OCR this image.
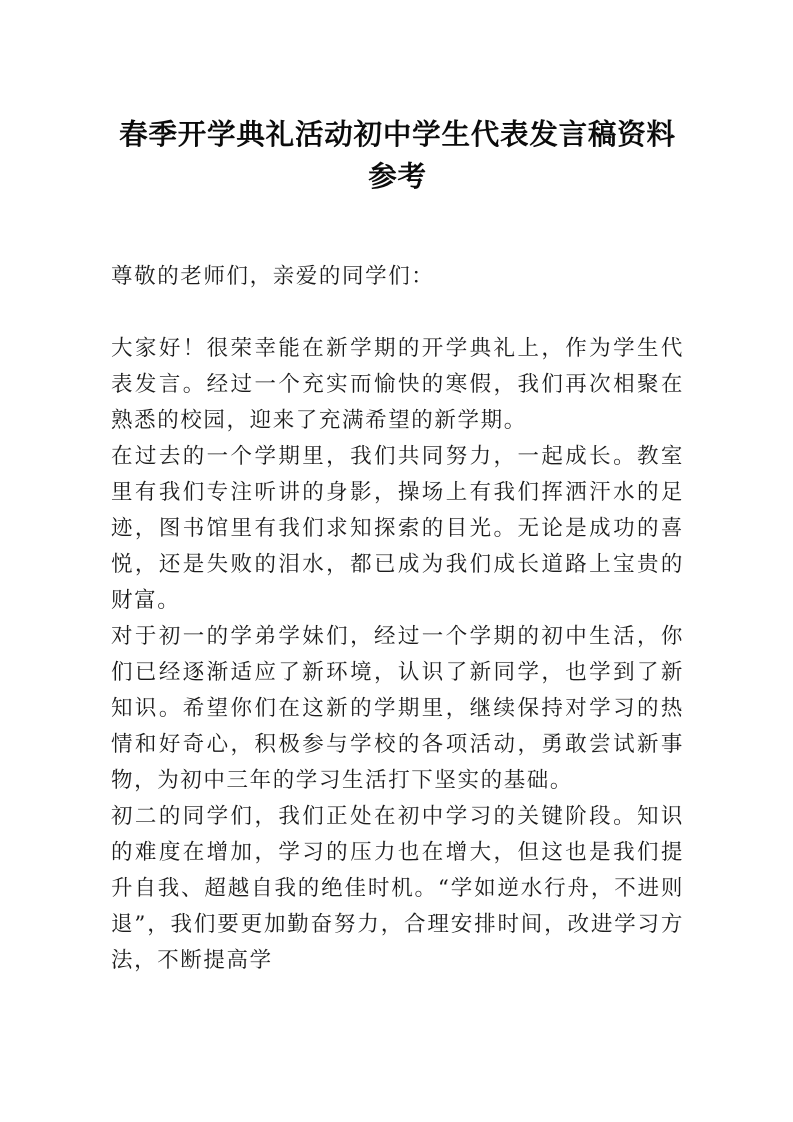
春季开学典礼活动初中学生代表发言稿资料参考

尊敬的老师们，亲爱的同学们：

大家好！很荣幸能在新学期的开学典礼上，作为学生代表发言。经过一个充实而愉快的寒假，我们再次相聚在熟悉的校园，迎来了充满希望的新学期。

在过去的一个学期里，我们共同努力，一起成长。教室里有我们专注听讲的身影，操场上有我们挥洒汗水的足迹，图书馆里有我们求知探索的目光。无论是成功的喜悦，还是失败的泪水，都已成为我们成长道路上宝贵的财富。

对于初一的学弟学妹们，经过一个学期的初中生活，你们已经逐渐适应了新环境，认识了新同学，也学到了新知识。希望你们在这新的学期里，继续保持对学习的热情和好奇心，积极参与学校的各项活动，勇敢尝试新事物，为初中三年的学习生活打下坚实的基础。

初二的同学们，我们正处在初中学习的关键阶段。知识的难度在增加，学习的压力也在增大，但这也是我们提升自我、超越自我的绝佳时机。“学如逆水行舟，不进则退”，我们要更加勤奋努力，合理安排时间，改进学习方法，不断提高学
